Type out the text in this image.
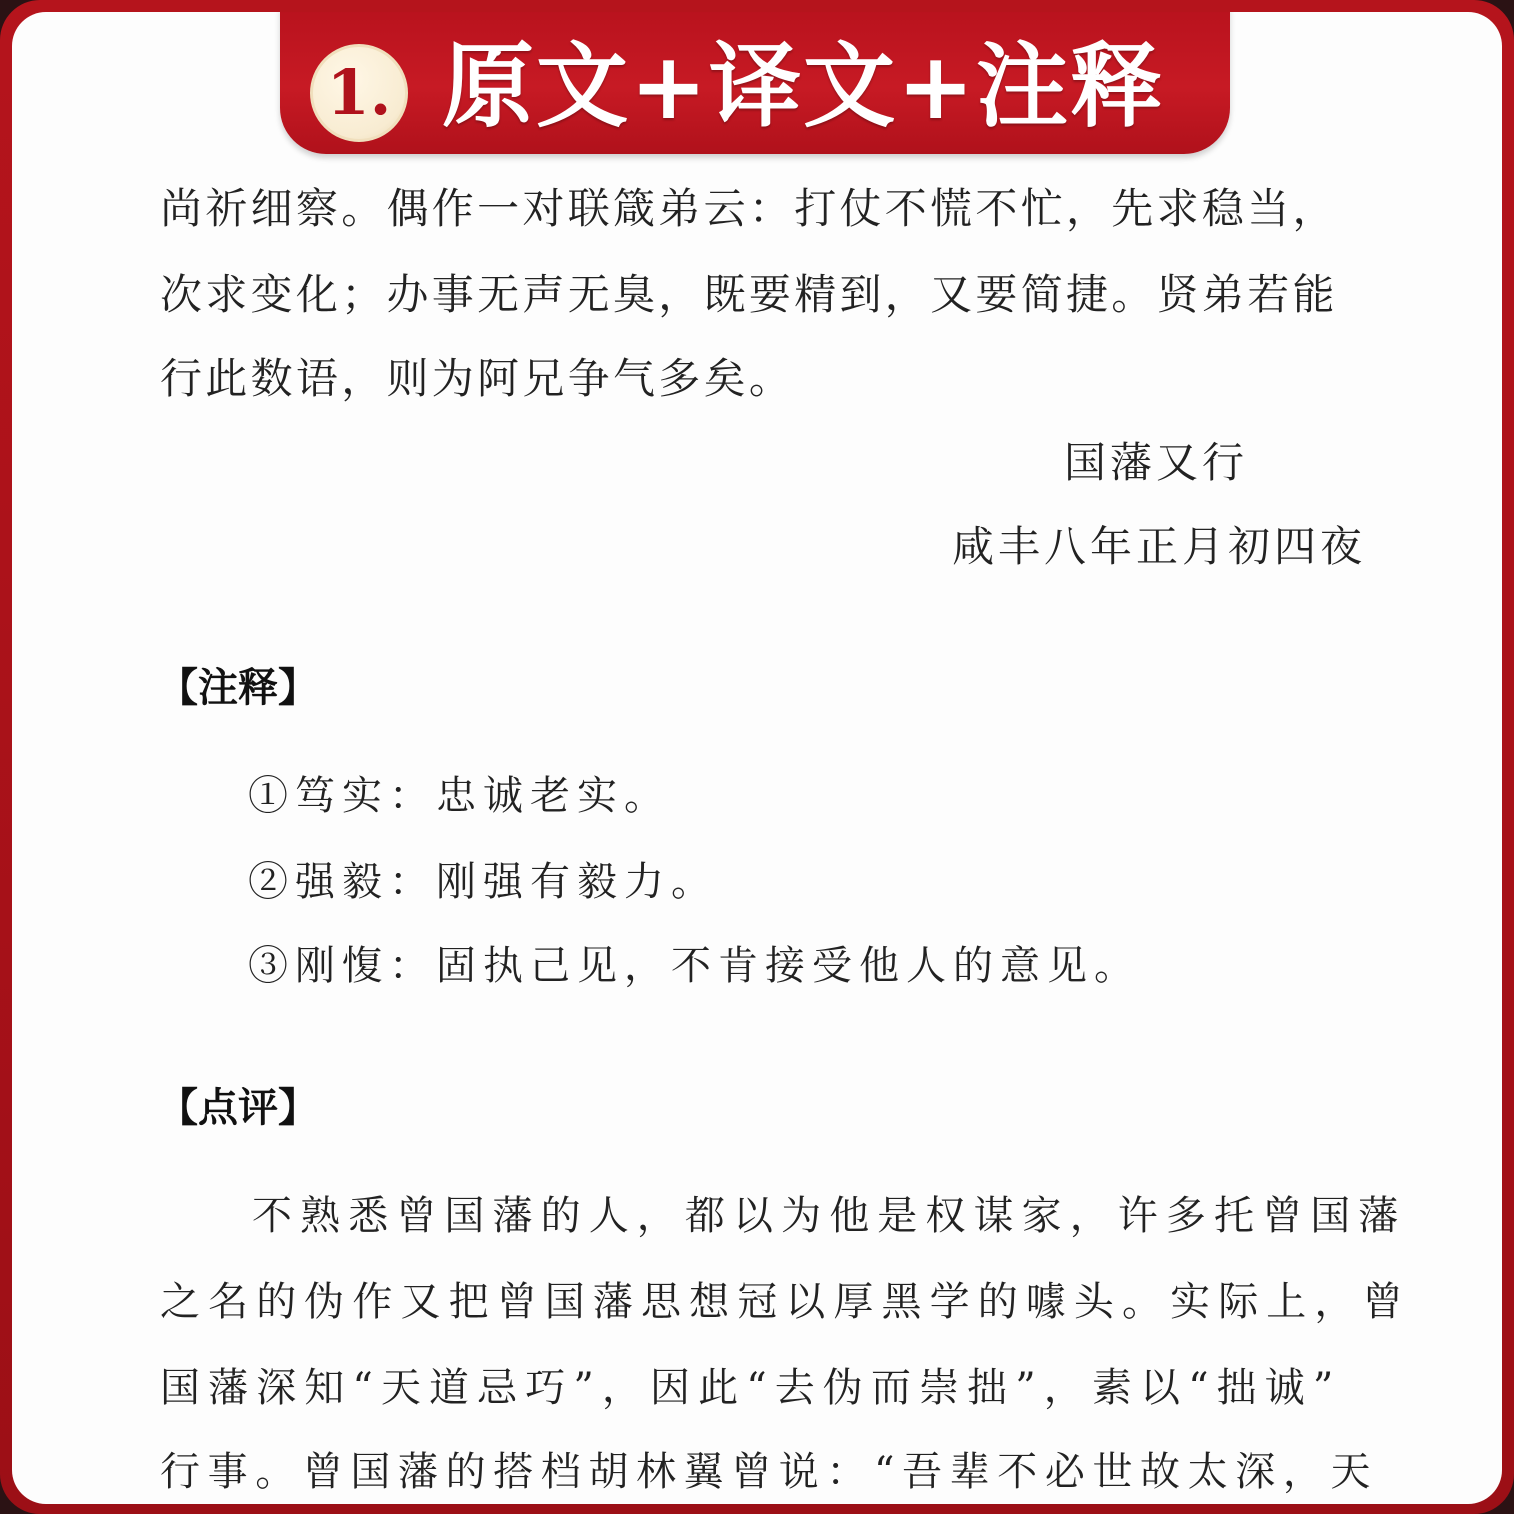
1. 原文+译文+注释
尚祈细察。偶作一对联箴弟云：打仗不慌不忙，先求稳当，
次求变化；办事无声无臭，既要精到，又要简捷。贤弟若能
行此数语，则为阿兄争气多矣。
国藩又行
咸丰八年正月初四夜
【注释】
①笃实：忠诚老实。
②强毅：刚强有毅力。
③刚愎：固执己见，不肯接受他人的意见。
【点评】
不熟悉曾国藩的人，都以为他是权谋家，许多托曾国藩
之名的伪作又把曾国藩思想冠以厚黑学的噱头。实际上，曾
国藩深知“天道忌巧”，因此“去伪而崇拙”，素以“拙诚”
行事。曾国藩的搭档胡林翼曾说：“吾辈不必世故太深，天
